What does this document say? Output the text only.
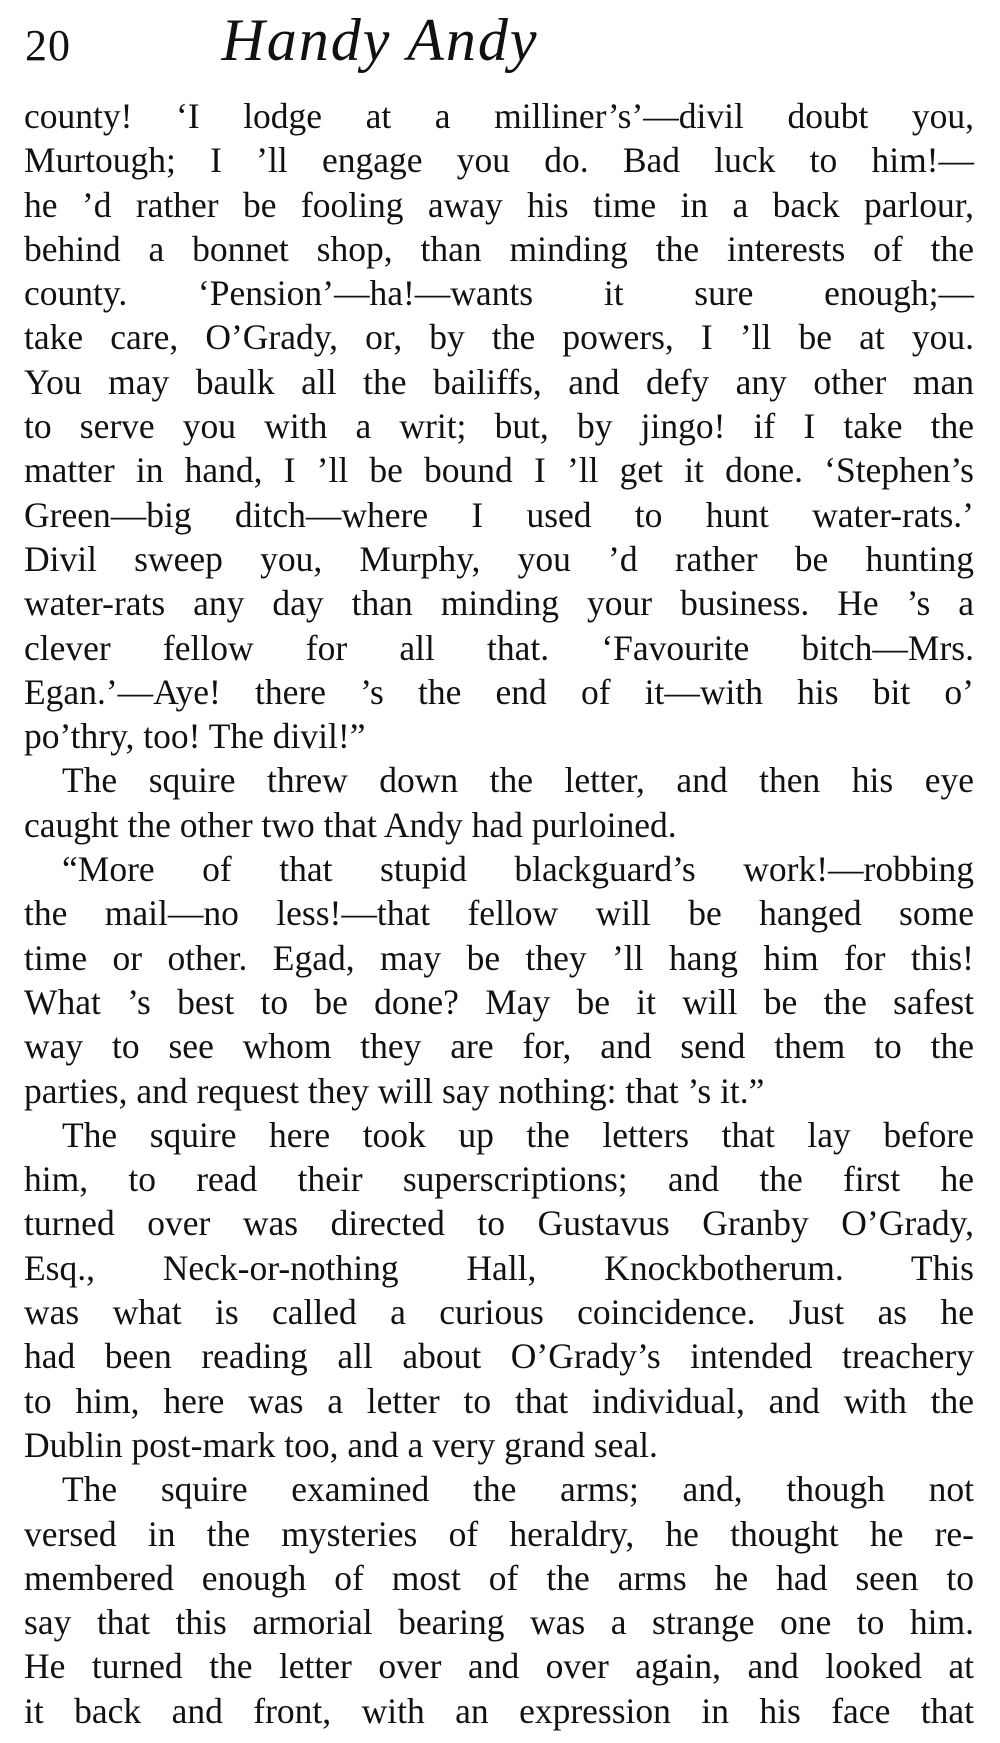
20	Handy Andy
county! ‘I lodge at a milliner’s’—divil doubt you,
Murtough; I ’ll engage you do. Bad luck to him!—
he ’d rather be fooling away his time in a back parlour,
behind a bonnet shop, than minding the interests of the
county. ‘Pension’—ha!—wants it sure enough;—
take care, O’Grady, or, by the powers, I ’ll be at you.
You may baulk all the bailiffs, and defy any other man
to serve you with a writ; but, by jingo! if I take the
matter in hand, I ’ll be bound I ’ll get it done. ‘Stephen’s
Green—big ditch—where I used to hunt water-rats.’
Divil sweep you, Murphy, you ’d rather be hunting
water-rats any day than minding your business. He ’s a
clever fellow for all that. ‘Favourite bitch—Mrs.
Egan.’—Aye! there ’s the end of it—with his bit o’
po’thry, too! The divil!”
The squire threw down the letter, and then his eye
caught the other two that Andy had purloined.
“More of that stupid blackguard’s work!—robbing
the mail—no less!—that fellow will be hanged some
time or other. Egad, may be they ’ll hang him for this!
What ’s best to be done? May be it will be the safest
way to see whom they are for, and send them to the
parties, and request they will say nothing: that ’s it.”
The squire here took up the letters that lay before
him, to read their superscriptions; and the first he
turned over was directed to Gustavus Granby O’Grady,
Esq., Neck-or-nothing Hall, Knockbotherum. This
was what is called a curious coincidence. Just as he
had been reading all about O’Grady’s intended treachery
to him, here was a letter to that individual, and with the
Dublin post-mark too, and a very grand seal.
The squire examined the arms; and, though not
versed in the mysteries of heraldry, he thought he re-
membered enough of most of the arms he had seen to
say that this armorial bearing was a strange one to him.
He turned the letter over and over again, and looked at
it back and front, with an expression in his face that
